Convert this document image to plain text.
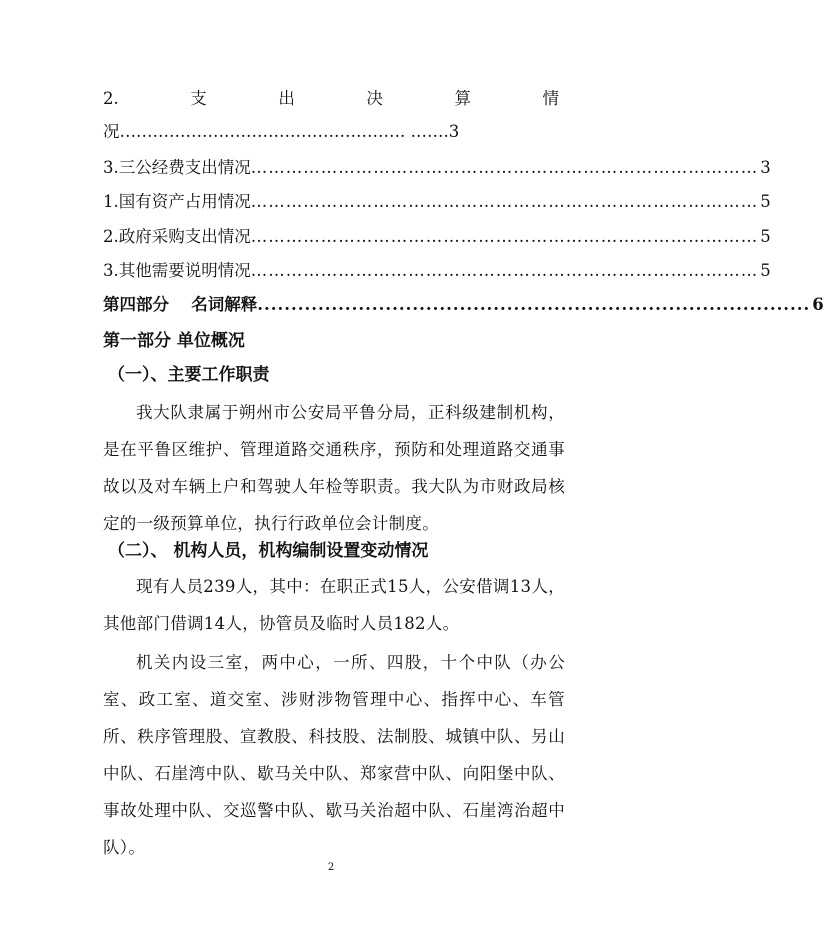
2.	支	出	决	算	情
况……………………………………………. …….3
3.三公经费支出情况 …………………………………………………………………………… 3
1.国有资产占用情况 …………………………………………………………………………… 5
2.政府采购支出情况 …………………………………………………………………………… 5
3.其他需要说明情况 …………………………………………………………………………… 5
第四部分　 名词解释 .................................................................................. 6
第一部分 单位概况
（一）、主要工作职责
我大队隶属于朔州市公安局平鲁分局，正科级建制机构，是在平鲁区维护、管理道路交通秩序，预防和处理道路交通事故以及对车辆上户和驾驶人年检等职责。我大队为市财政局核定的一级预算单位，执行行政单位会计制度。
（二）、 机构人员，机构编制设置变动情况
现有人员239人，其中：在职正式15人，公安借调13人，其他部门借调14人，协管员及临时人员182人。
机关内设三室，两中心，一所、四股，十个中队（办公室、政工室、道交室、涉财涉物管理中心、指挥中心、车管所、秩序管理股、宣教股、科技股、法制股、城镇中队、另山中队、石崖湾中队、歇马关中队、郑家营中队、向阳堡中队、事故处理中队、交巡警中队、歇马关治超中队、石崖湾治超中队）。
2
